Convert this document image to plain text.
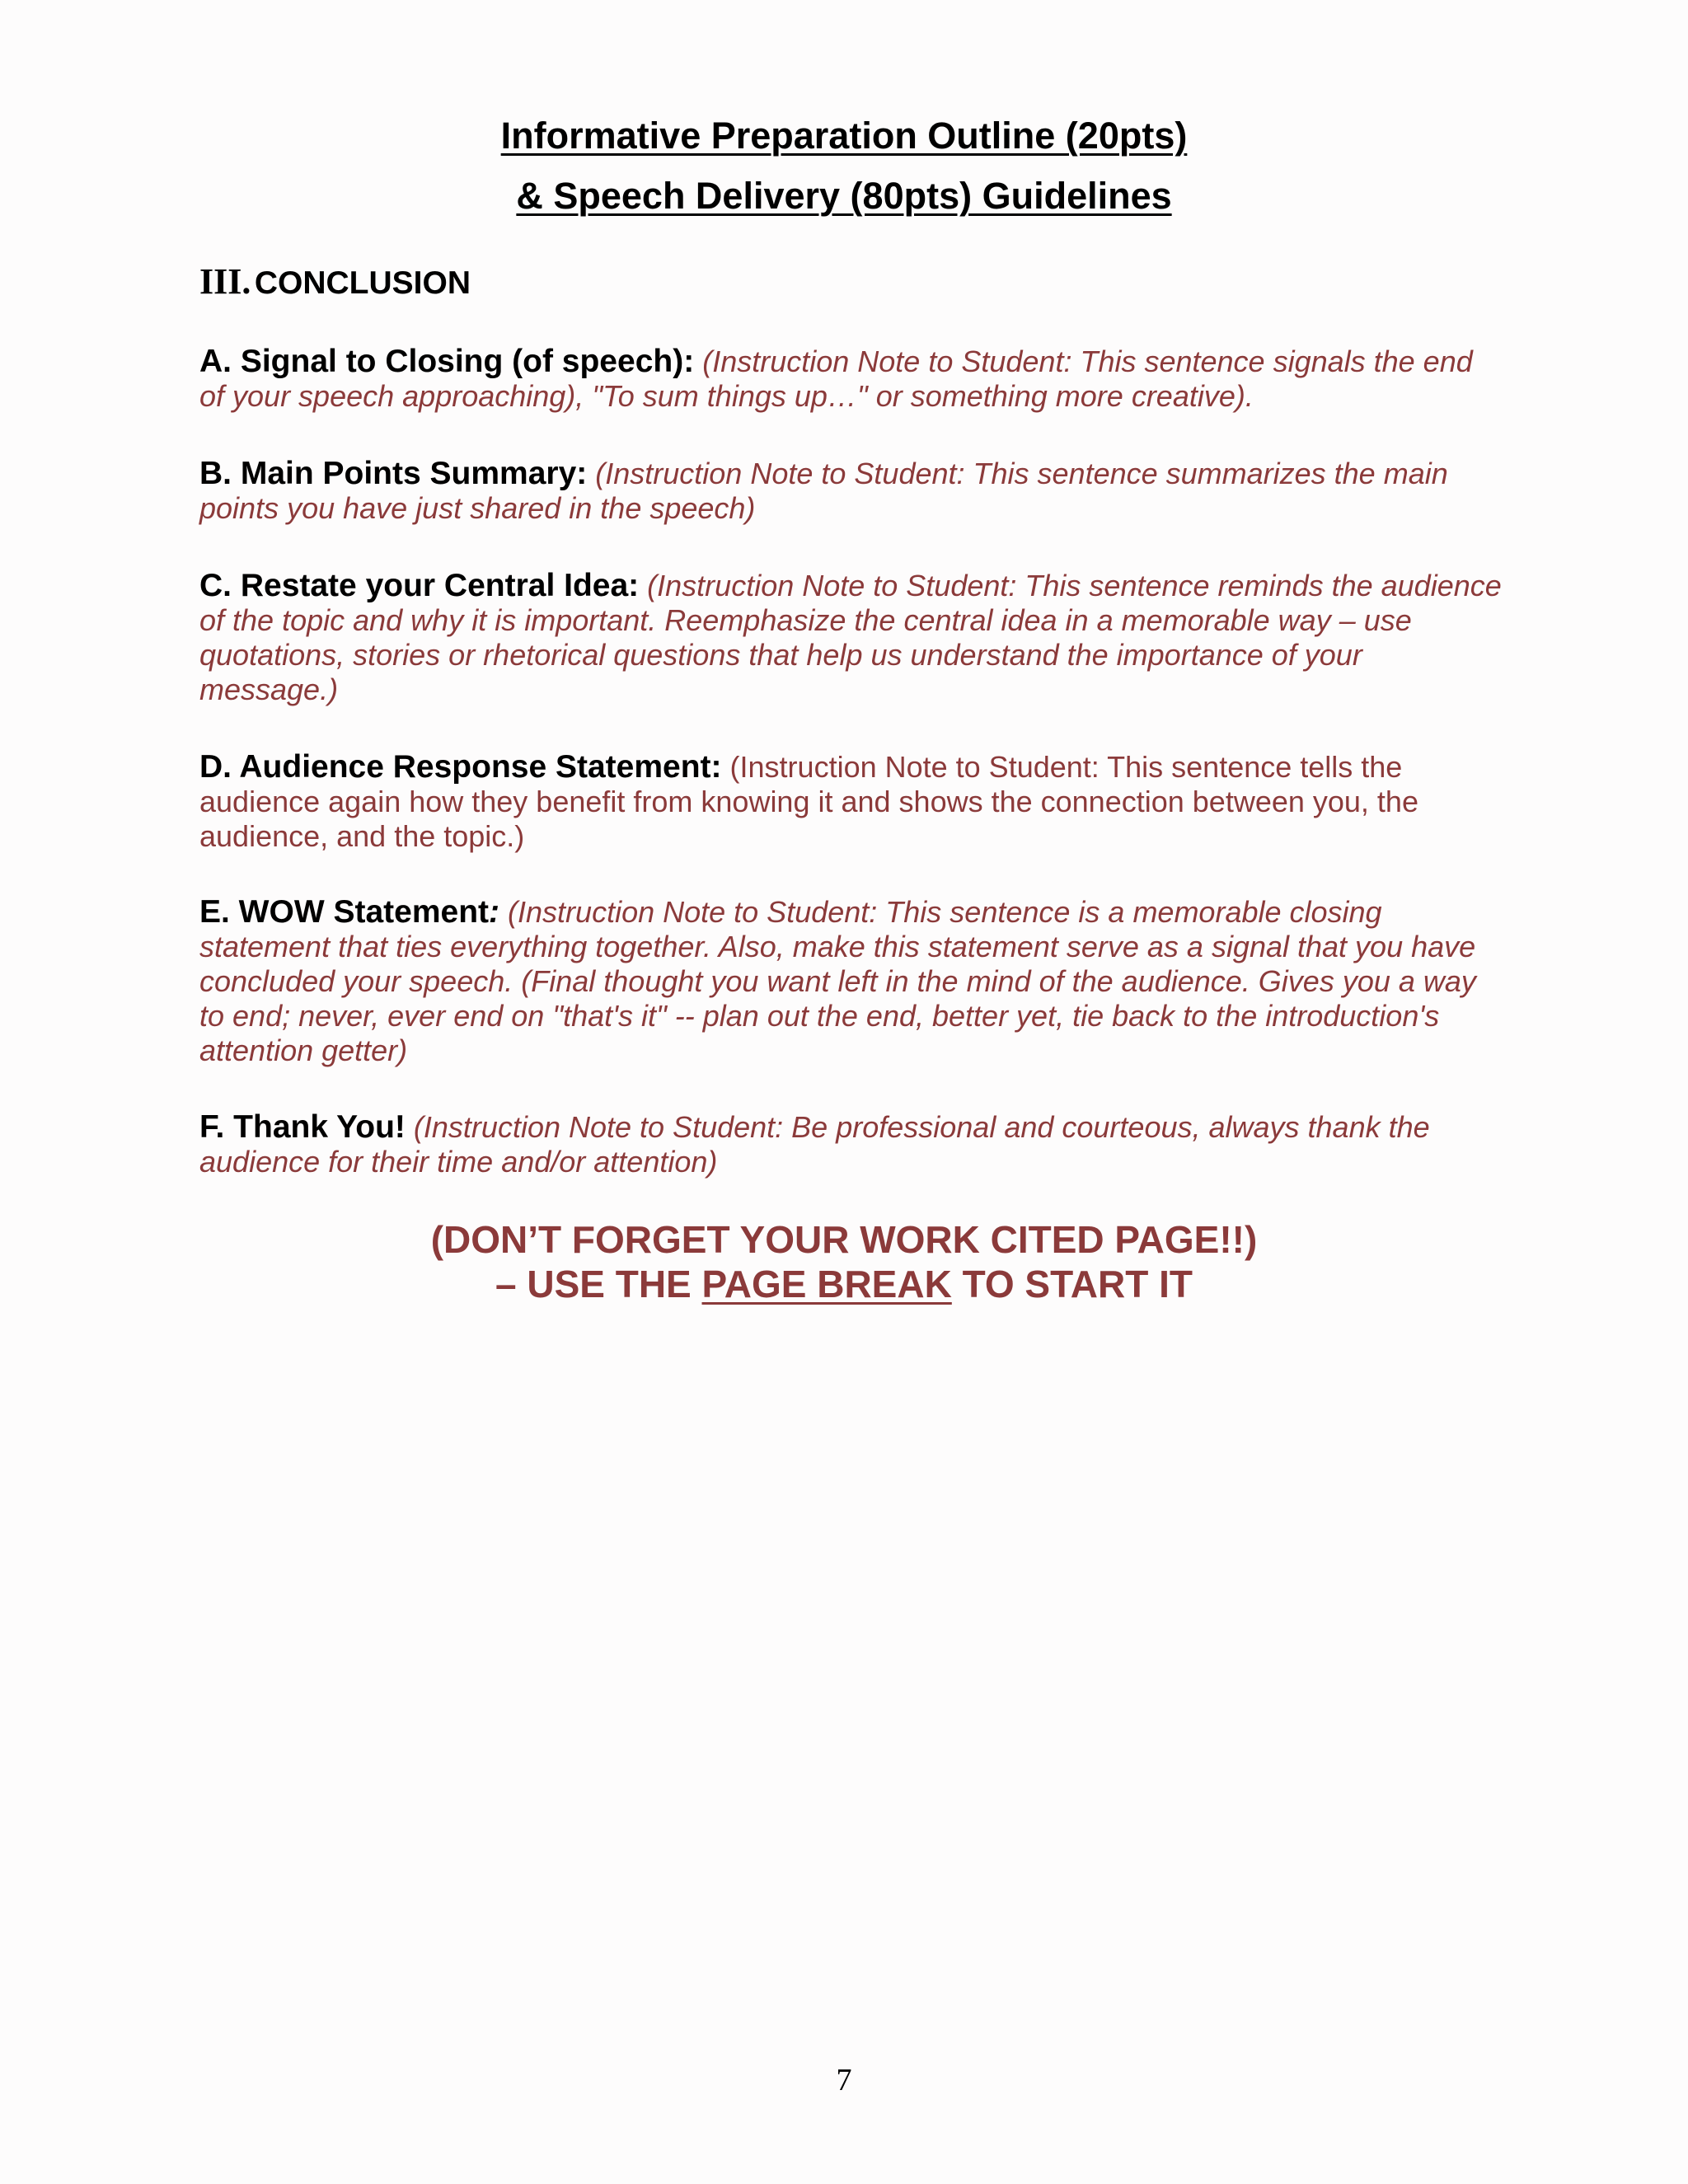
Informative Preparation Outline (20pts)
& Speech Delivery (80pts) Guidelines
III. CONCLUSION
A. Signal to Closing (of speech): (Instruction Note to Student: This sentence signals the end of your speech approaching), "To sum things up…" or something more creative).
B. Main Points Summary: (Instruction Note to Student: This sentence summarizes the main points you have just shared in the speech)
C. Restate your Central Idea: (Instruction Note to Student: This sentence reminds the audience of the topic and why it is important. Reemphasize the central idea in a memorable way – use quotations, stories or rhetorical questions that help us understand the importance of your message.)
D. Audience Response Statement: (Instruction Note to Student: This sentence tells the audience again how they benefit from knowing it and shows the connection between you, the audience, and the topic.)
E. WOW Statement: (Instruction Note to Student: This sentence is a memorable closing statement that ties everything together. Also, make this statement serve as a signal that you have concluded your speech. (Final thought you want left in the mind of the audience. Gives you a way to end; never, ever end on "that's it" -- plan out the end, better yet, tie back to the introduction's attention getter)
F. Thank You! (Instruction Note to Student: Be professional and courteous, always thank the audience for their time and/or attention)
(DON’T FORGET YOUR WORK CITED PAGE!!)
– USE THE PAGE BREAK TO START IT
7
